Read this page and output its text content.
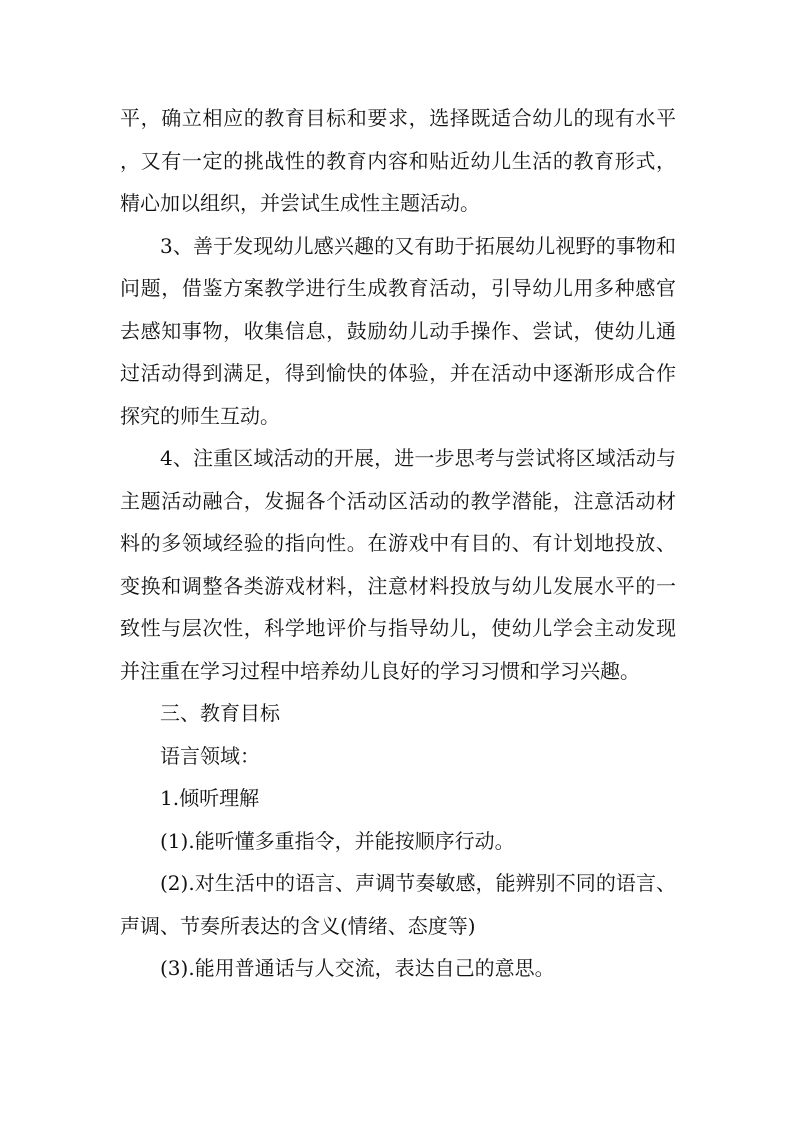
平，确立相应的教育目标和要求，选择既适合幼儿的现有水平，又有一定的挑战性的教育内容和贴近幼儿生活的教育形式，精心加以组织，并尝试生成性主题活动。

3、善于发现幼儿感兴趣的又有助于拓展幼儿视野的事物和问题，借鉴方案教学进行生成教育活动，引导幼儿用多种感官去感知事物，收集信息，鼓励幼儿动手操作、尝试，使幼儿通过活动得到满足，得到愉快的体验，并在活动中逐渐形成合作探究的师生互动。

4、注重区域活动的开展，进一步思考与尝试将区域活动与主题活动融合，发掘各个活动区活动的教学潜能，注意活动材料的多领域经验的指向性。在游戏中有目的、有计划地投放、变换和调整各类游戏材料，注意材料投放与幼儿发展水平的一致性与层次性，科学地评价与指导幼儿，使幼儿学会主动发现并注重在学习过程中培养幼儿良好的学习习惯和学习兴趣。

三、教育目标

语言领域：

1.倾听理解

(1).能听懂多重指令，并能按顺序行动。

(2).对生活中的语言、声调节奏敏感，能辨别不同的语言、声调、节奏所表达的含义(情绪、态度等)

(3).能用普通话与人交流，表达自己的意思。
